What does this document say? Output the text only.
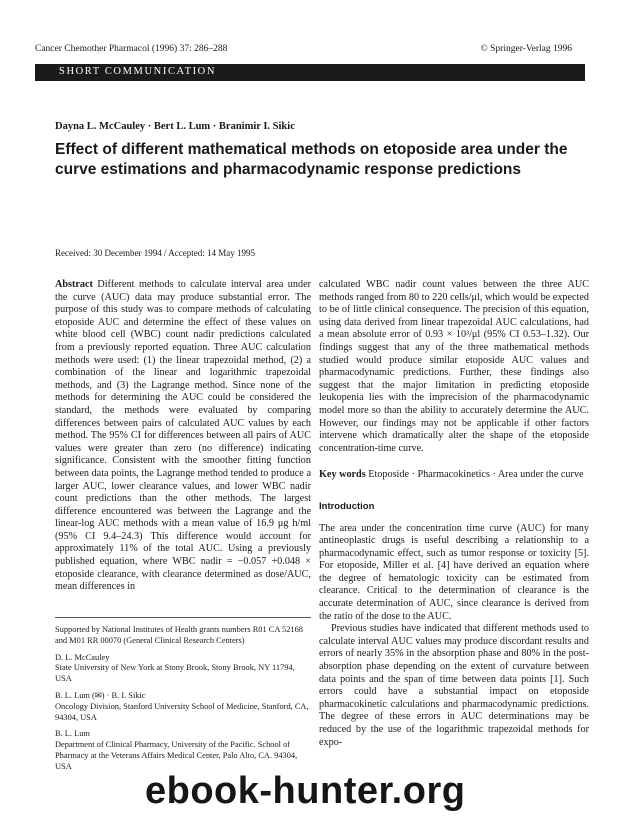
Cancer Chemother Pharmacol (1996) 37: 286–288	© Springer-Verlag 1996
SHORT COMMUNICATION
Dayna L. McCauley · Bert L. Lum · Branimir I. Sikic
Effect of different mathematical methods on etoposide area under the curve estimations and pharmacodynamic response predictions
Received: 30 December 1994 / Accepted: 14 May 1995

Abstract Different methods to calculate interval area under the curve (AUC) data may produce substantial error. The purpose of this study was to compare methods of calculating etoposide AUC and determine the effect of these values on white blood cell (WBC) count nadir predictions calculated from a previously reported equation. Three AUC calculation methods were used: (1) the linear trapezoidal method, (2) a combination of the linear and logarithmic trapezoidal methods, and (3) the Lagrange method. Since none of the methods for determining the AUC could be considered the standard, the methods were evaluated by comparing differences between pairs of calculated AUC values by each method. The 95% CI for differences between all pairs of AUC values were greater than zero (no difference) indicating significance. Consistent with the smoother fitting function between data points, the Lagrange method tended to produce a larger AUC, lower clearance values, and lower WBC nadir count predictions than the other methods. The largest difference encountered was between the Lagrange and the linear-log AUC methods with a mean value of 16.9 μg h/ml (95% CI 9.4–24.3) This difference would account for approximately 11% of the total AUC. Using a previously published equation, where WBC nadir = −0.057 +0.048 × etoposide clearance, with clearance determined as dose/AUC, mean differences in

Supported by National Institutes of Health grants numbers R01 CA 52168 and M01 RR 00070 (General Clinical Research Centers)

D. L. McCauley
State University of New York at Stony Brook, Stony Brook, NY 11794, USA

B. L. Lum (✉) · B. I. Sikic
Oncology Division, Stanford University School of Medicine, Stanford, CA, 94304, USA

B. L. Lum
Department of Clinical Pharmacy, University of the Pacific. School of Pharmacy at the Veterans Affairs Medical Center, Palo Alto, CA. 94304, USA

calculated WBC nadir count values between the three AUC methods ranged from 80 to 220 cells/μl, which would be expected to be of little clinical consequence. The precision of this equation, using data derived from linear trapezoidal AUC calculations, had a mean absolute error of 0.93 × 10³/μl (95% CI 0.53–1.32). Our findings suggest that any of the three mathematical methods studied would produce similar etoposide AUC values and pharmacodynamic predictions. Further, these findings also suggest that the major limitation in predicting etoposide leukopenia lies with the imprecision of the pharmacodynamic model more so than the ability to accurately determine the AUC. However, our findings may not be applicable if other factors intervene which dramatically alter the shape of the etoposide concentration-time curve.

Key words Etoposide · Pharmacokinetics · Area under the curve

Introduction

The area under the concentration time curve (AUC) for many antineoplastic drugs is useful describing a relationship to a pharmacodynamic effect, such as tumor response or toxicity [5]. For etoposide, Miller et al. [4] have derived an equation where the degree of hematologic toxicity can be estimated from clearance. Critical to the determination of clearance is the accurate determination of AUC, since clearance is derived from the ratio of the dose to the AUC.

Previous studies have indicated that different methods used to calculate interval AUC values may produce discordant results and errors of nearly 35% in the absorption phase and 80% in the post-absorption phase depending on the extent of curvature between data points and the span of time between data points [1]. Such errors could have a substantial impact on etoposide pharmacokinetic calculations and pharmacodynamic predictions. The degree of these errors in AUC determinations may be reduced by the use of the logarithmic trapezoidal methods for expo-

ebook-hunter.org
